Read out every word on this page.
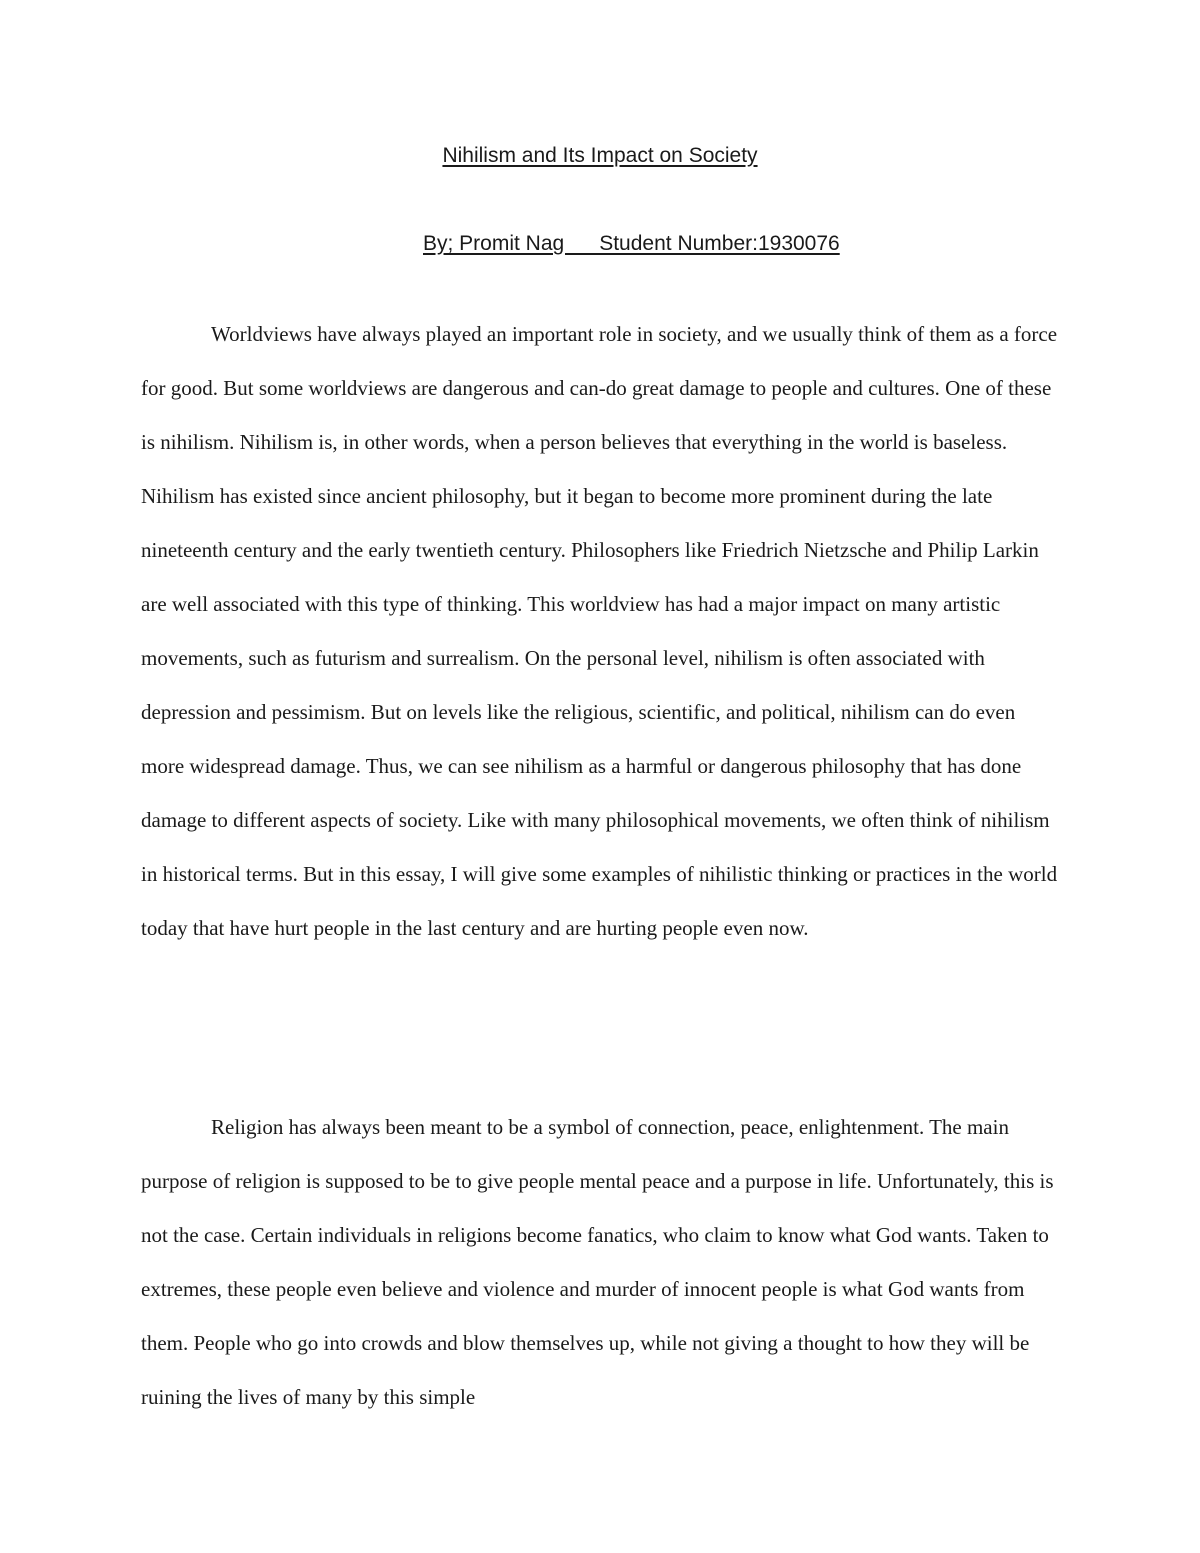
Nihilism and Its Impact on Society
By; Promit Nag      Student Number:1930076

Worldviews have always played an important role in society, and we usually think of them as a force for good. But some worldviews are dangerous and can-do great damage to people and cultures. One of these is nihilism. Nihilism is, in other words, when a person believes that everything in the world is baseless. Nihilism has existed since ancient philosophy, but it began to become more prominent during the late nineteenth century and the early twentieth century. Philosophers like Friedrich Nietzsche and Philip Larkin are well associated with this type of thinking. This worldview has had a major impact on many artistic movements, such as futurism and surrealism. On the personal level, nihilism is often associated with depression and pessimism. But on levels like the religious, scientific, and political, nihilism can do even more widespread damage. Thus, we can see nihilism as a harmful or dangerous philosophy that has done damage to different aspects of society. Like with many philosophical movements, we often think of nihilism in historical terms. But in this essay, I will give some examples of nihilistic thinking or practices in the world today that have hurt people in the last century and are hurting people even now.

Religion has always been meant to be a symbol of connection, peace, enlightenment. The main purpose of religion is supposed to be to give people mental peace and a purpose in life. Unfortunately, this is not the case. Certain individuals in religions become fanatics, who claim to know what God wants. Taken to extremes, these people even believe and violence and murder of innocent people is what God wants from them. People who go into crowds and blow themselves up, while not giving a thought to how they will be ruining the lives of many by this simple
